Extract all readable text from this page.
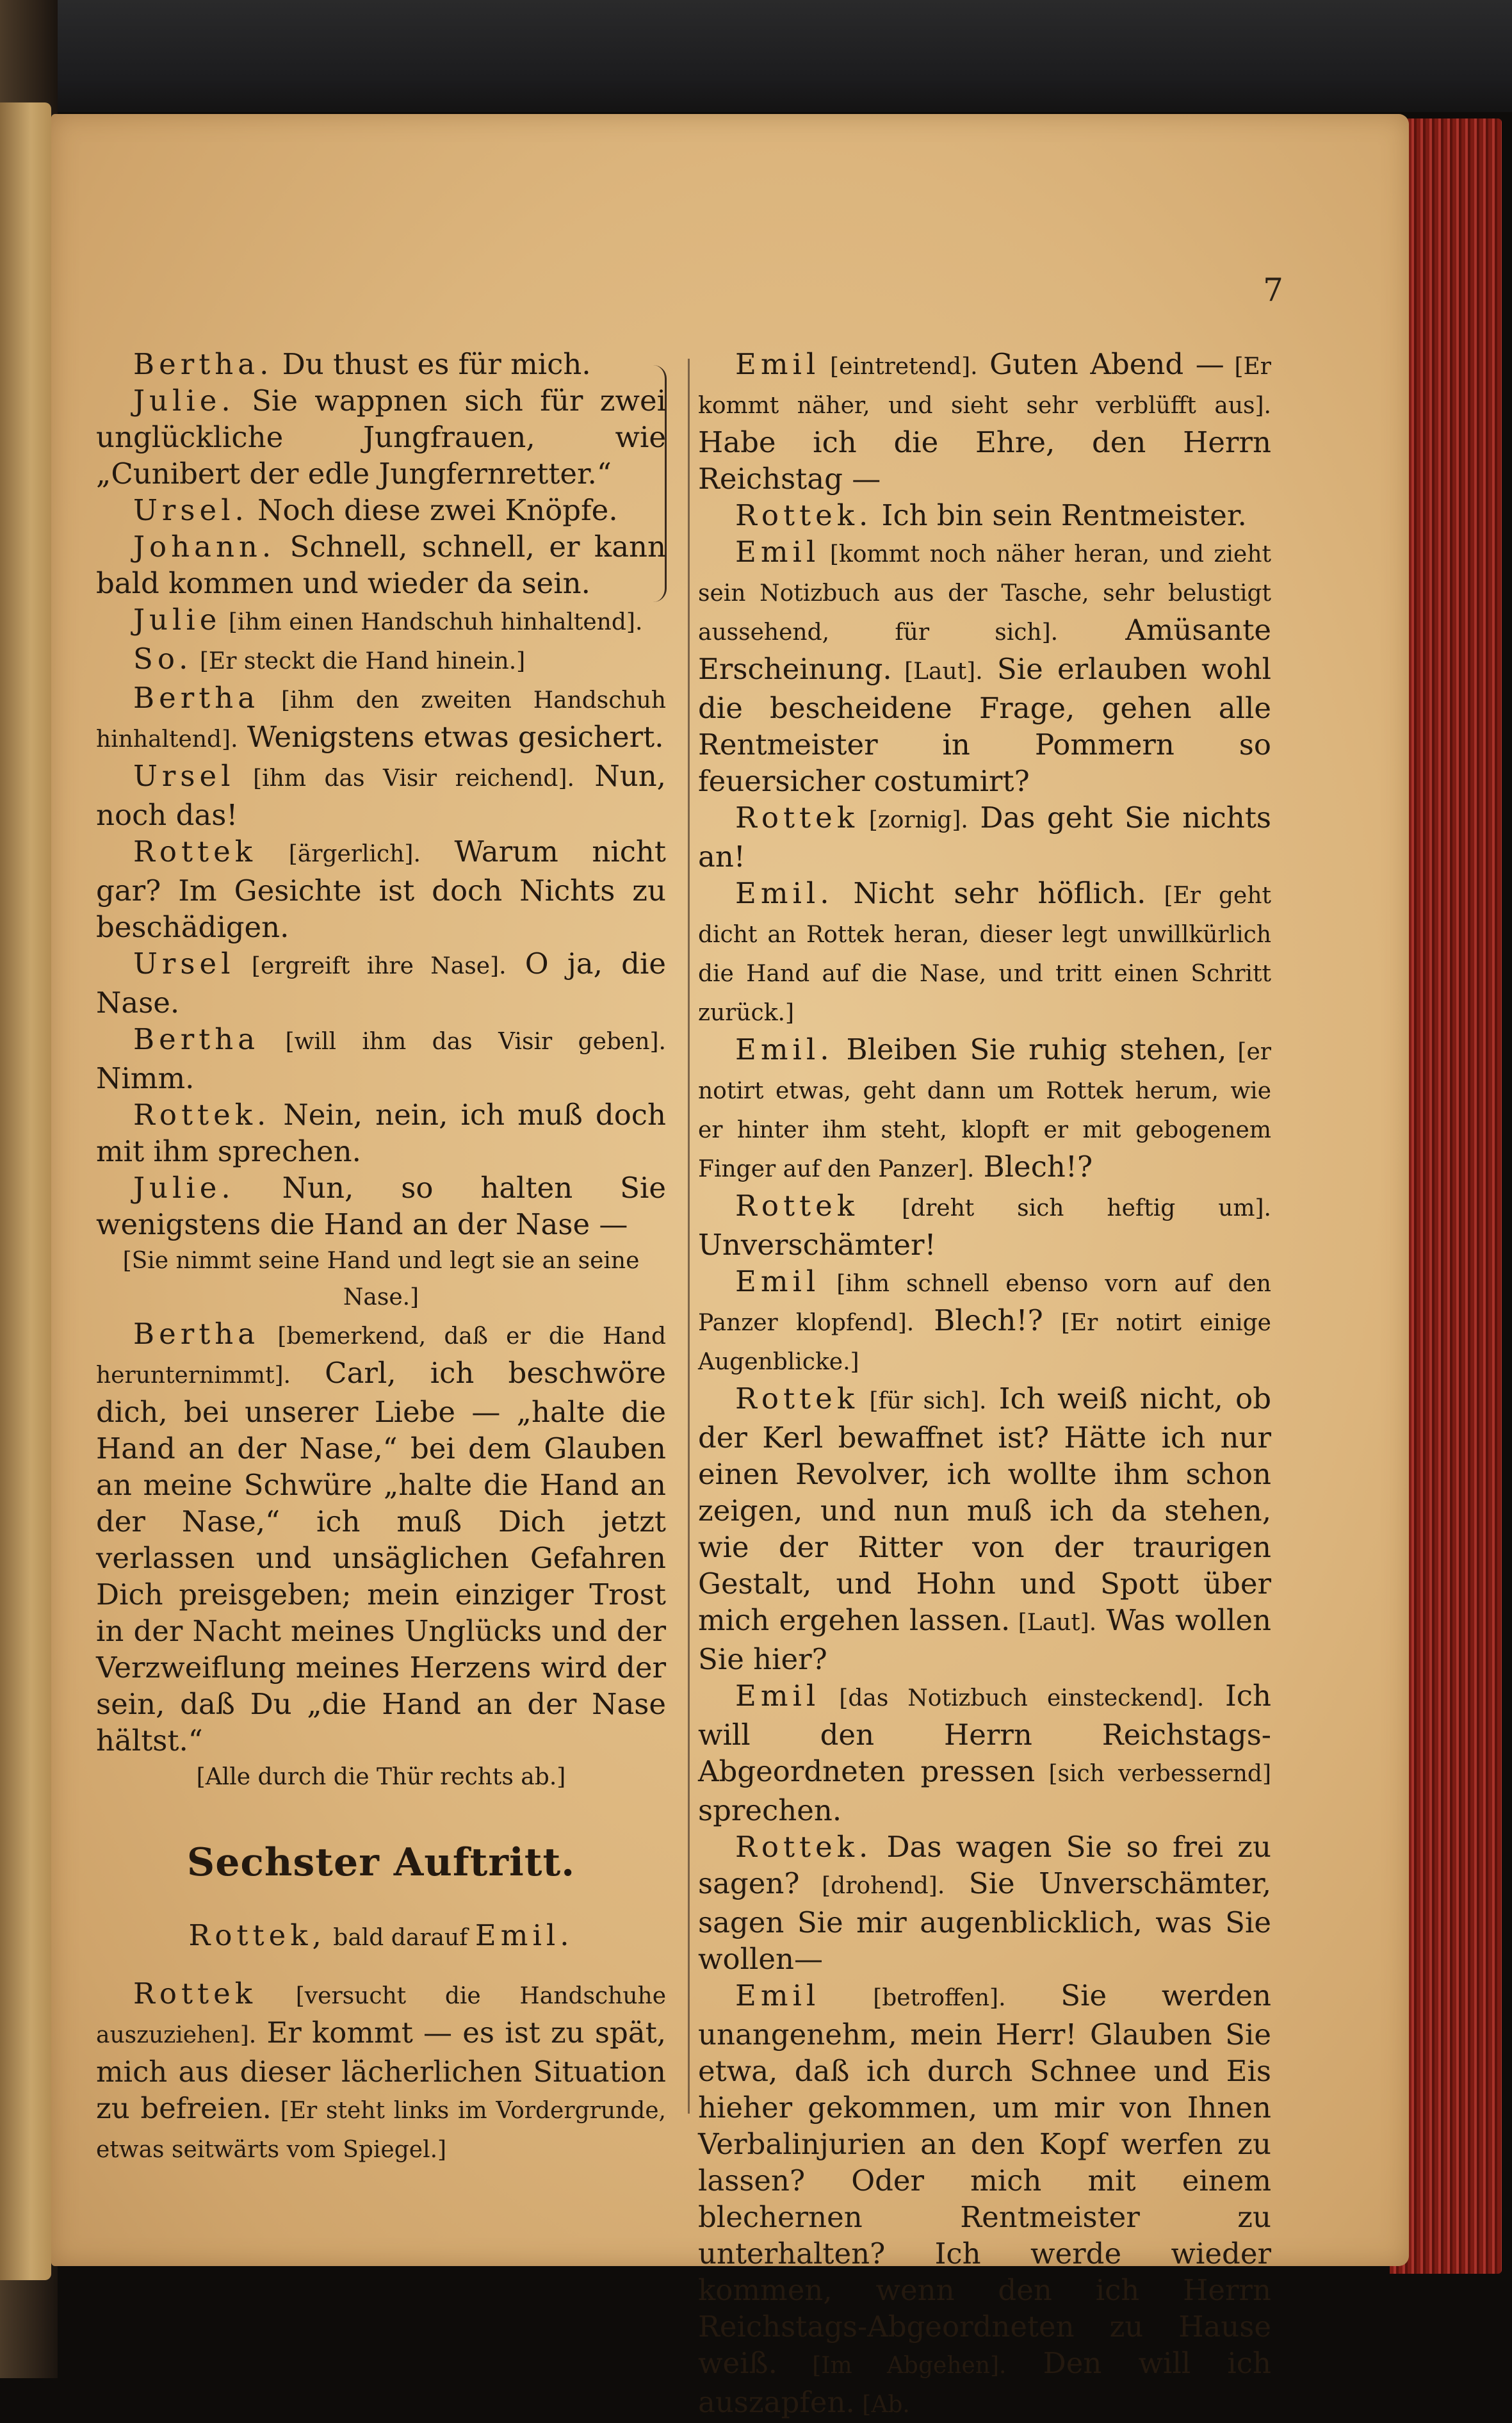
7

Bertha. Du thust es für mich.

Julie. Sie wappnen sich für zwei unglückliche Jungfrauen, wie „Cunibert der edle Jungfernretter.“

Ursel. Noch diese zwei Knöpfe.

Johann. Schnell, schnell, er kann bald kommen und wieder da sein.

Julie [ihm einen Handschuh hinhaltend].

So. [Er steckt die Hand hinein.]

Bertha [ihm den zweiten Handschuh hinhaltend]. Wenigstens etwas gesichert.

Ursel [ihm das Visir reichend]. Nun, noch das!

Rottek [ärgerlich]. Warum nicht gar? Im Gesichte ist doch Nichts zu beschädigen.

Ursel [ergreift ihre Nase]. O ja, die Nase.

Bertha [will ihm das Visir geben]. Nimm.

Rottek. Nein, nein, ich muß doch mit ihm sprechen.

Julie. Nun, so halten Sie wenigstens die Hand an der Nase —

[Sie nimmt seine Hand und legt sie an seine Nase.]

Bertha [bemerkend, daß er die Hand herunternimmt]. Carl, ich beschwöre dich, bei unserer Liebe — „halte die Hand an der Nase,“ bei dem Glauben an meine Schwüre „halte die Hand an der Nase,“ ich muß Dich jetzt verlassen und unsäglichen Gefahren Dich preisgeben; mein einziger Trost in der Nacht meines Unglücks und der Verzweiflung meines Herzens wird der sein, daß Du „die Hand an der Nase hältst.“

[Alle durch die Thür rechts ab.]

Sechster Auftritt.

Rottek, bald darauf Emil.

Rottek [versucht die Handschuhe auszuziehen]. Er kommt — es ist zu spät, mich aus dieser lächerlichen Situation zu befreien. [Er steht links im Vordergrunde, etwas seitwärts vom Spiegel.]

Emil [eintretend]. Guten Abend — [Er kommt näher, und sieht sehr verblüfft aus]. Habe ich die Ehre, den Herrn Reichstag —

Rottek. Ich bin sein Rentmeister.

Emil [kommt noch näher heran, und zieht sein Notizbuch aus der Tasche, sehr belustigt aussehend, für sich]. Amüsante Erscheinung. [Laut]. Sie erlauben wohl die bescheidene Frage, gehen alle Rentmeister in Pommern so feuersicher costumirt?

Rottek [zornig]. Das geht Sie nichts an!

Emil. Nicht sehr höflich. [Er geht dicht an Rottek heran, dieser legt unwillkürlich die Hand auf die Nase, und tritt einen Schritt zurück.]

Emil. Bleiben Sie ruhig stehen, [er notirt etwas, geht dann um Rottek herum, wie er hinter ihm steht, klopft er mit gebogenem Finger auf den Panzer]. Blech!?

Rottek [dreht sich heftig um]. Unverschämter!

Emil [ihm schnell ebenso vorn auf den Panzer klopfend]. Blech!? [Er notirt einige Augenblicke.]

Rottek [für sich]. Ich weiß nicht, ob der Kerl bewaffnet ist? Hätte ich nur einen Revolver, ich wollte ihm schon zeigen, und nun muß ich da stehen, wie der Ritter von der traurigen Gestalt, und Hohn und Spott über mich ergehen lassen. [Laut]. Was wollen Sie hier?

Emil [das Notizbuch einsteckend]. Ich will den Herrn Reichstags-Abgeordneten pressen [sich verbessernd] sprechen.

Rottek. Das wagen Sie so frei zu sagen? [drohend]. Sie Unverschämter, sagen Sie mir augenblicklich, was Sie wollen—

Emil [betroffen]. Sie werden unangenehm, mein Herr! Glauben Sie etwa, daß ich durch Schnee und Eis hieher gekommen, um mir von Ihnen Verbalinjurien an den Kopf werfen zu lassen? Oder mich mit einem blechernen Rentmeister zu unterhalten? Ich werde wieder kommen, wenn den ich Herrn Reichstags-Abgeordneten zu Hause weiß. [Im Abgehen]. Den will ich auszapfen. [Ab.
